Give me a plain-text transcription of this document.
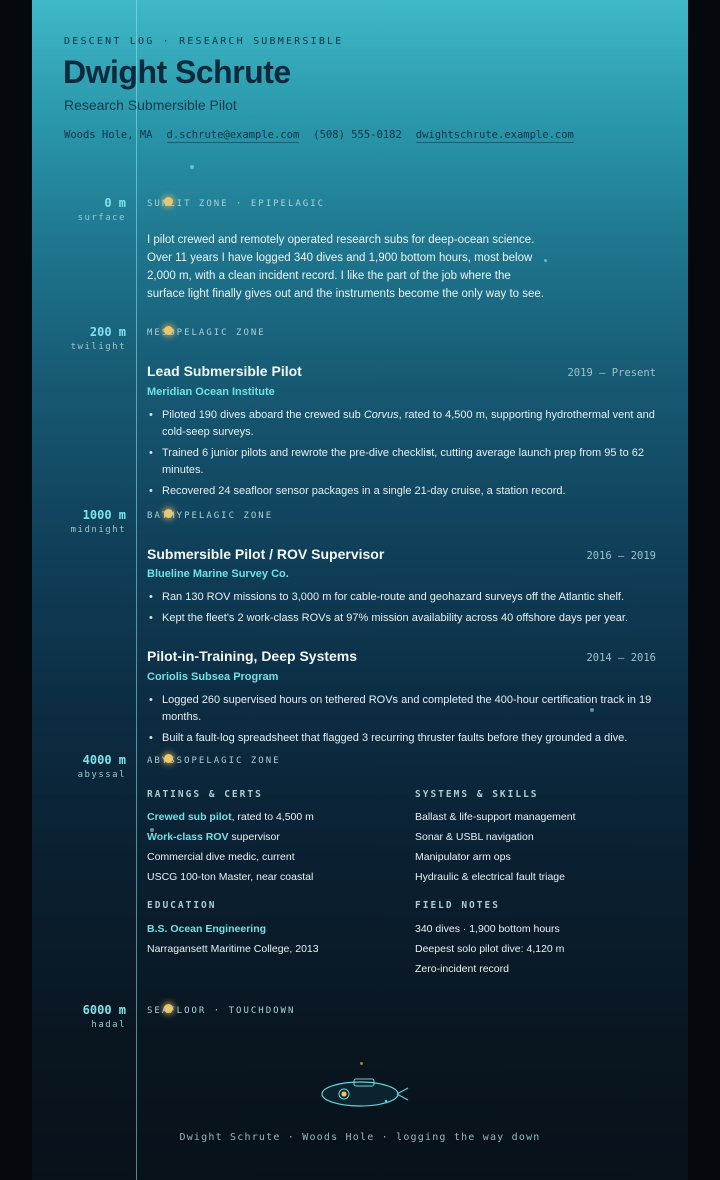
DESCENT LOG · RESEARCH SUBMERSIBLE
Dwight Schrute
Research Submersible Pilot
Woods Hole, MA d.schrute@example.com (508) 555-0182 dwightschrute.example.com
0 m
surface
SUNLIT ZONE · EPIPELAGIC
I pilot crewed and remotely operated research subs for deep-ocean science. Over 11 years I have logged 340 dives and 1,900 bottom hours, most below 2,000 m, with a clean incident record. I like the part of the job where the surface light finally gives out and the instruments become the only way to see.
200 m
twilight
MESOPELAGIC ZONE
Lead Submersible Pilot	2019 – Present
Meridian Ocean Institute
• Piloted 190 dives aboard the crewed sub Corvus, rated to 4,500 m, supporting hydrothermal vent and cold-seep surveys.
• Trained 6 junior pilots and rewrote the pre-dive checklist, cutting average launch prep from 95 to 62 minutes.
• Recovered 24 seafloor sensor packages in a single 21-day cruise, a station record.
1000 m
midnight
BATHYPELAGIC ZONE
Submersible Pilot / ROV Supervisor	2016 – 2019
Blueline Marine Survey Co.
• Ran 130 ROV missions to 3,000 m for cable-route and geohazard surveys off the Atlantic shelf.
• Kept the fleet's 2 work-class ROVs at 97% mission availability across 40 offshore days per year.
Pilot-in-Training, Deep Systems	2014 – 2016
Coriolis Subsea Program
• Logged 260 supervised hours on tethered ROVs and completed the 400-hour certification track in 19 months.
• Built a fault-log spreadsheet that flagged 3 recurring thruster faults before they grounded a dive.
4000 m
abyssal
ABYSSOPELAGIC ZONE
RATINGS & CERTS
Crewed sub pilot, rated to 4,500 m
Work-class ROV supervisor
Commercial dive medic, current
USCG 100-ton Master, near coastal
SYSTEMS & SKILLS
Ballast & life-support management
Sonar & USBL navigation
Manipulator arm ops
Hydraulic & electrical fault triage
EDUCATION
B.S. Ocean Engineering
Narragansett Maritime College, 2013
FIELD NOTES
340 dives · 1,900 bottom hours
Deepest solo pilot dive: 4,120 m
Zero-incident record
6000 m
hadal
SEAFLOOR · TOUCHDOWN
Dwight Schrute · Woods Hole · logging the way down
